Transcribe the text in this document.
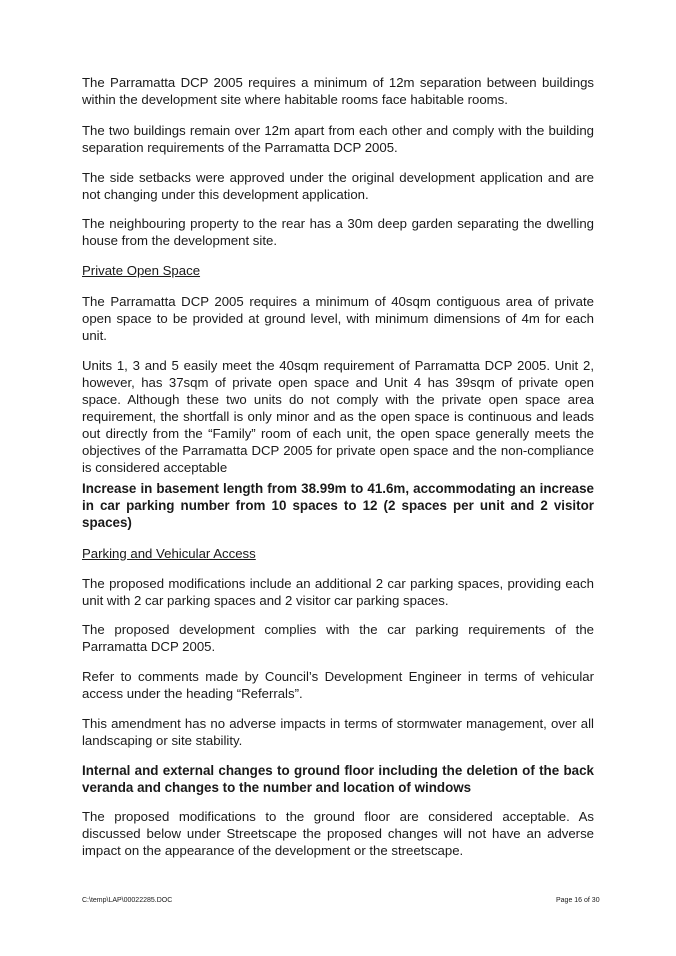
The Parramatta DCP 2005 requires a minimum of 12m separation between buildings within the development site where habitable rooms face habitable rooms.

The two buildings remain over 12m apart from each other and comply with the building separation requirements of the Parramatta DCP 2005.

The side setbacks were approved under the original development application and are not changing under this development application.

The neighbouring property to the rear has a 30m deep garden separating the dwelling house from the development site.

Private Open Space

The Parramatta DCP 2005 requires a minimum of 40sqm contiguous area of private open space to be provided at ground level, with minimum dimensions of 4m for each unit.

Units 1, 3 and 5 easily meet the 40sqm requirement of Parramatta DCP 2005. Unit 2, however, has 37sqm of private open space and Unit 4 has 39sqm of private open space. Although these two units do not comply with the private open space area requirement, the shortfall is only minor and as the open space is continuous and leads out directly from the “Family” room of each unit, the open space generally meets the objectives of the Parramatta DCP 2005 for private open space and the non-compliance is considered acceptable

Increase in basement length from 38.99m to 41.6m, accommodating an increase in car parking number from 10 spaces to 12 (2 spaces per unit and 2 visitor spaces)

Parking and Vehicular Access

The proposed modifications include an additional 2 car parking spaces, providing each unit with 2 car parking spaces and 2 visitor car parking spaces.

The proposed development complies with the car parking requirements of the Parramatta DCP 2005.

Refer to comments made by Council’s Development Engineer in terms of vehicular access under the heading “Referrals”.

This amendment has no adverse impacts in terms of stormwater management, over all landscaping or site stability.

Internal and external changes to ground floor including the deletion of the back veranda and changes to the number and location of windows

The proposed modifications to the ground floor are considered acceptable. As discussed below under Streetscape the proposed changes will not have an adverse impact on the appearance of the development or the streetscape.

C:\temp\LAP\00022285.DOC	Page 16 of 30
